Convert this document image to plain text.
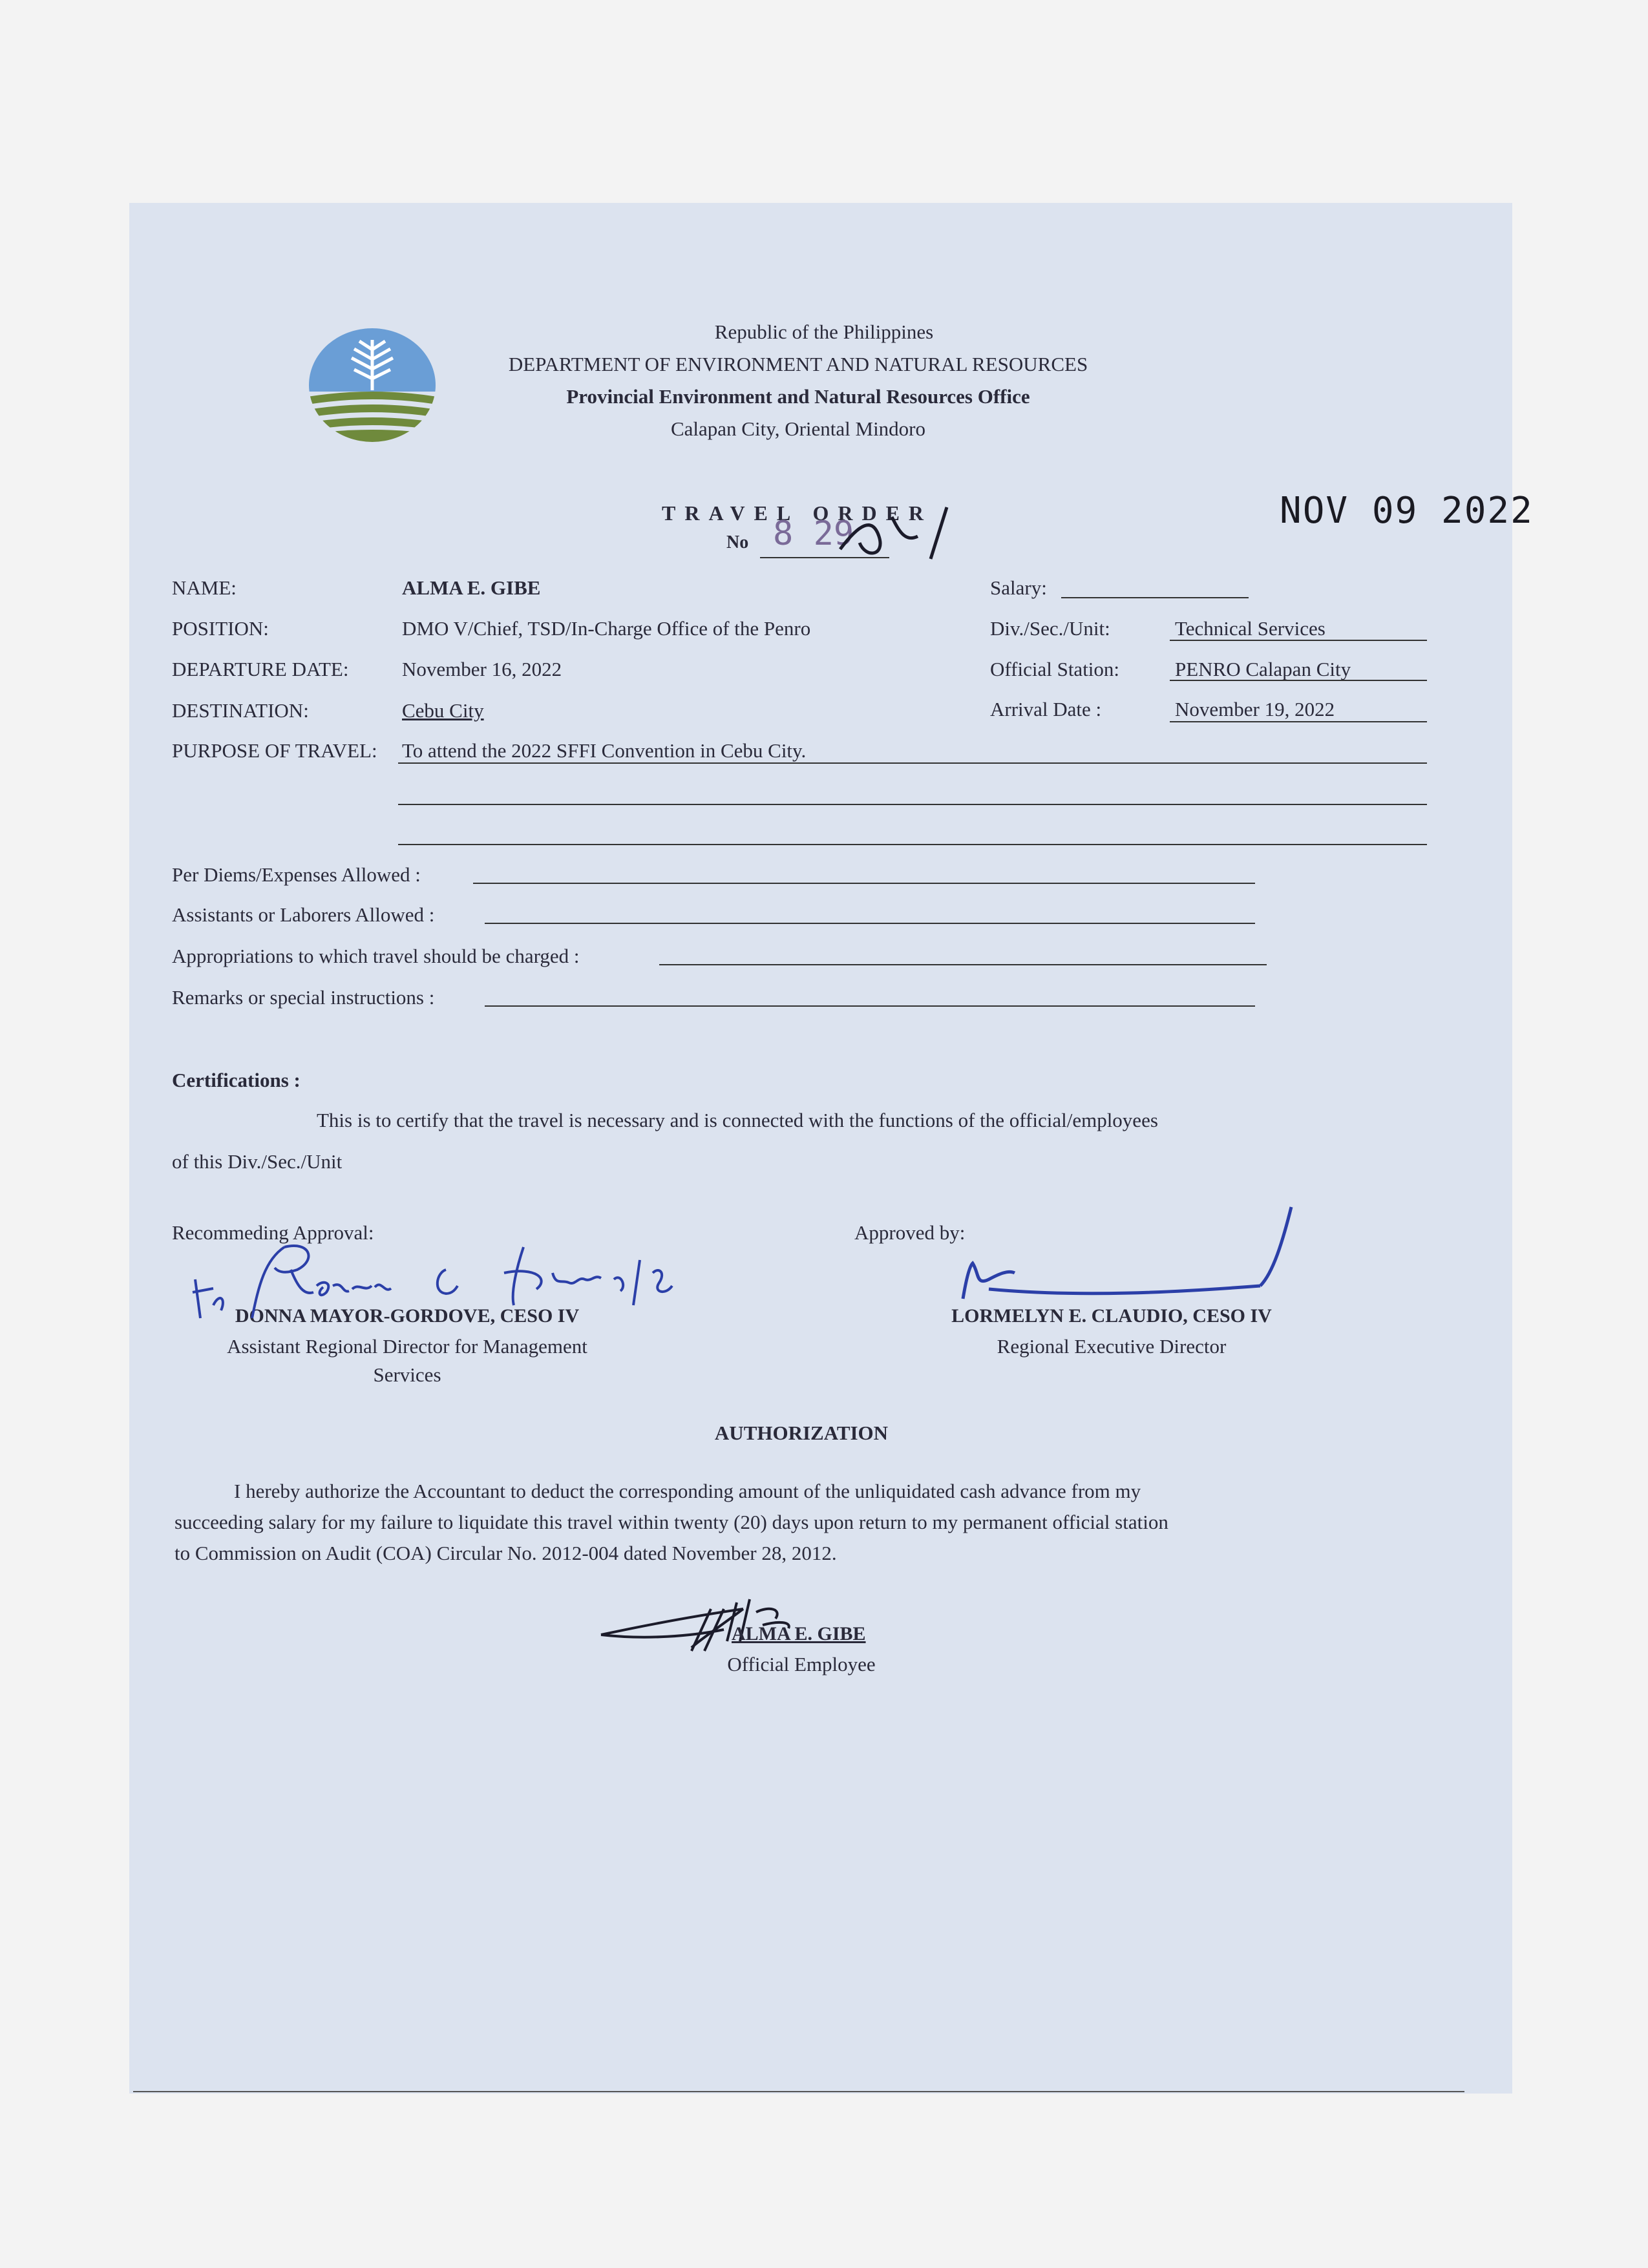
Republic of the Philippines
DEPARTMENT OF ENVIRONMENT AND NATURAL RESOURCES
Provincial Environment and Natural Resources Office
Calapan City, Oriental Mindoro
TRAVEL ORDER
No 8 29
NOV 09 2022
NAME:	ALMA E. GIBE
POSITION:	DMO V/Chief, TSD/In-Charge Office of the Penro
DEPARTURE DATE:	November 16, 2022
DESTINATION:	Cebu City
PURPOSE OF TRAVEL: To attend the 2022 SFFI Convention in Cebu City.
Salary:
Div./Sec./Unit:	Technical Services
Official Station:	PENRO Calapan City
Arrival Date :	November 19, 2022
Per Diems/Expenses Allowed :
Assistants or Laborers Allowed :
Appropriations to which travel should be charged :
Remarks or special instructions :
Certifications :
This is to certify that the travel is necessary and is connected with the functions of the official/employees
of this Div./Sec./Unit
Recommeding Approval:	Approved by:
DONNA MAYOR-GORDOVE, CESO IV
Assistant Regional Director for Management
Services
LORMELYN E. CLAUDIO, CESO IV
Regional Executive Director
AUTHORIZATION
I hereby authorize the Accountant to deduct the corresponding amount of the unliquidated cash advance from my
succeeding salary for my failure to liquidate this travel within twenty (20) days upon return to my permanent official station
to Commission on Audit (COA) Circular No. 2012-004 dated November 28, 2012.
ALMA E. GIBE
Official Employee
